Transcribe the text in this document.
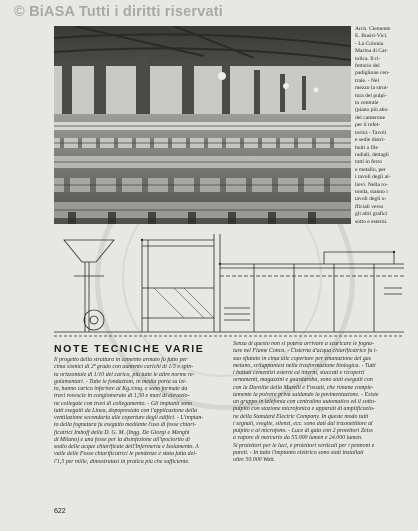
© BiASA Tutti i diritti riservati
Arch. Clemente
E. Busiri-Vici.
- La Colonia
Marina di Cat-
tolica. Il ri-
fettorio del
padiglione cen-
trale. - Nel
mezzo la strut-
tura del pulpi-
to centrale
(piano più alto
del camerone
per il refet-
torio) - Tavoli
e sedie distri-
buiti a file
radiali, dettagli
tutti in ferro
e metallo, per
i tavoli degli al-
lievi. Nella ro-
tonda, stanno i
tavoli degli u-
fficiali verso
gli altri grafici
sotto e esterni.
NOTE TECNICHE VARIE
Il progetto della struttura in cemento armato fu fatto per
cima sismici di 2ª grado con aumento carichi di 1/3 e spin-
ta orizzontale di 1/10 del carico, più tutte le altre norme re-
golamentari. - Tutte le fondazioni, in media porta su let-
to, hanno carico inferiore al Kg./cmq. e sono formate da
travi rovescie in conglomerato di 1,50 e muri di elevazio-
ne collegate con travi di collegamento. - Gli impianti sono
tutti eseguiti da Linea, dopoprestato con l'applicazione della
ventilazione secondaria alle coperture degli edifici. - L'impian-
to della fognatura fu eseguito mediante l'uso di fosse chiari-
ficatrici Imhoff della D. G. M. (Ingg. De Giorgi e Menghi
di Milano) e una fosse per la disinfezione all'ipoclorito di
sodio delle acque chiarificate dell'Infermeria e Isolamento. A
valle delle Fosse chiarificatrici le pendenze è stata fatta del-
l'1,5 per mille, dimostratasi in pratica più che sufficiente.
Senza di questo non si poteva arrivare a scaricare le fogna-
ture nel Fiume Conca. - Cisterna d'acqua chiarificatrice fu i-
suo sfiatato in cima alle coperture per emanazione del gas
metano, sviluppantesi nella trasformazione biologica. - Tutti
i battuti cementizi esterni ed interni, stuccati e ricoperti
ornamenti, magazzini e guardaroba, sono stati eseguiti con
con la Durolite della Murelli e Fossati, che rimane comple-
tamente la polvere priva saldando la pavimentazione. - Esiste
un gruppo in telefonia con centralino automatico ed il sotto-
pulpito con stazione microfonica e apparati di amplificazio-
ne della Standard Electric Company. In queste modo tutti
i segnali, sveglie, silenzi, ecc. sono dati dal trasmettitore al
pulpito e al microfono. - Luce di gala con 2 proiettori Zeiss
a vapore di mercurio da 55.000 lumen e 24.000 lumen.
Si proiettori per le luci, è proiettori verticali per i pennoni e
pareti. - In tutto l'impianto elettrico sono stati installati
oltre 50.000 Watt.
622
